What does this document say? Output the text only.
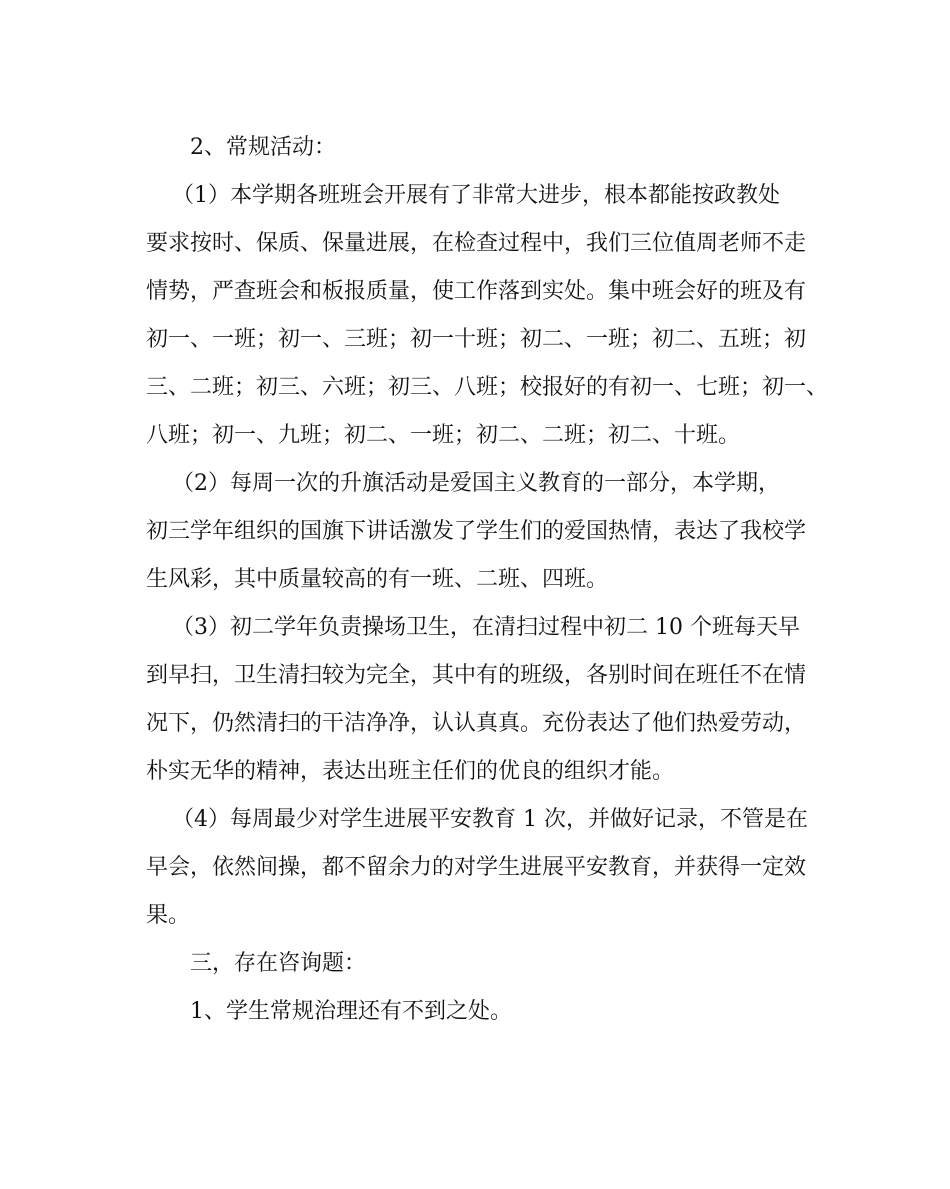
2、常规活动：
（1）本学期各班班会开展有了非常大进步，根本都能按政教处
要求按时、保质、保量进展，在检查过程中，我们三位值周老师不走
情势，严查班会和板报质量，使工作落到实处。集中班会好的班及有
初一、一班；初一、三班；初一十班；初二、一班；初二、五班；初
三、二班；初三、六班；初三、八班；校报好的有初一、七班；初一、
八班；初一、九班；初二、一班；初二、二班；初二、十班。
（2）每周一次的升旗活动是爱国主义教育的一部分，本学期，
初三学年组织的国旗下讲话激发了学生们的爱国热情，表达了我校学
生风彩，其中质量较高的有一班、二班、四班。
（3）初二学年负责操场卫生，在清扫过程中初二 10 个班每天早
到早扫，卫生清扫较为完全，其中有的班级，各别时间在班任不在情
况下，仍然清扫的干洁净净，认认真真。充份表达了他们热爱劳动，
朴实无华的精神，表达出班主任们的优良的组织才能。
（4）每周最少对学生进展平安教育 1 次，并做好记录，不管是在
早会，依然间操，都不留余力的对学生进展平安教育，并获得一定效
果。
三，存在咨询题：
1、学生常规治理还有不到之处。
